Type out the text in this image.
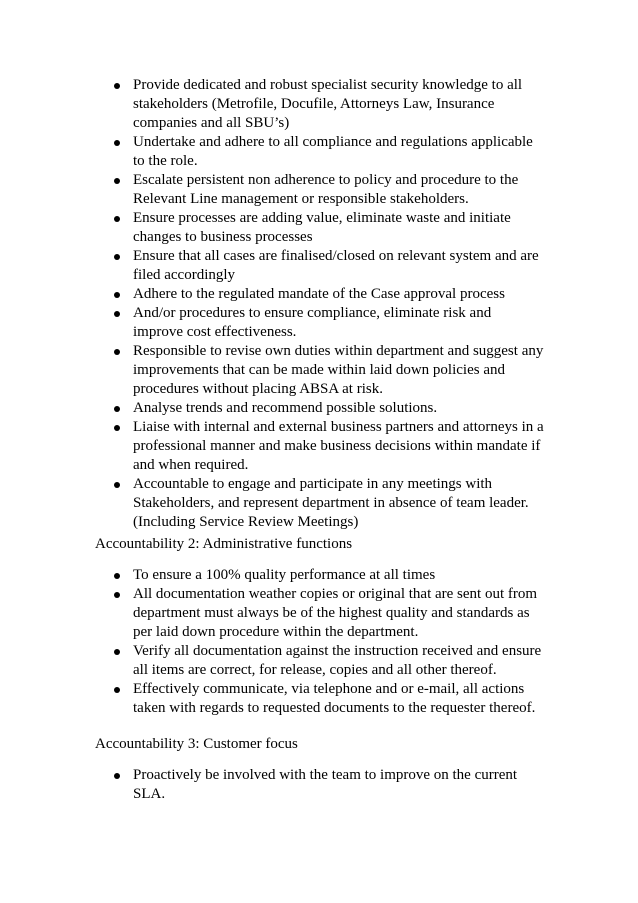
Provide dedicated and robust specialist security knowledge to all stakeholders (Metrofile, Docufile, Attorneys Law, Insurance companies and all SBU’s)
Undertake and adhere to all compliance and regulations applicable to the role.
Escalate persistent non adherence to policy and procedure to the Relevant Line management or responsible stakeholders.
Ensure processes are adding value, eliminate waste and initiate changes to business processes
Ensure that all cases are finalised/closed on relevant system and are filed accordingly
Adhere to the regulated mandate of the Case approval process
And/or procedures to ensure compliance, eliminate risk and improve cost effectiveness.
Responsible to revise own duties within department and suggest any improvements that can be made within laid down policies and procedures without placing ABSA at risk.
Analyse trends and recommend possible solutions.
Liaise with internal and external business partners and attorneys in a professional manner and make business decisions within mandate if and when required.
Accountable to engage and participate in any meetings with Stakeholders, and represent department in absence of team leader. (Including Service Review Meetings)

Accountability 2: Administrative functions

To ensure a 100% quality performance at all times
All documentation weather copies or original that are sent out from department must always be of the highest quality and standards as per laid down procedure within the department.
Verify all documentation against the instruction received and ensure all items are correct, for release, copies and all other thereof.
Effectively communicate, via telephone and or e-mail, all actions taken with regards to requested documents to the requester thereof.

Accountability 3: Customer focus

Proactively be involved with the team to improve on the current SLA.
